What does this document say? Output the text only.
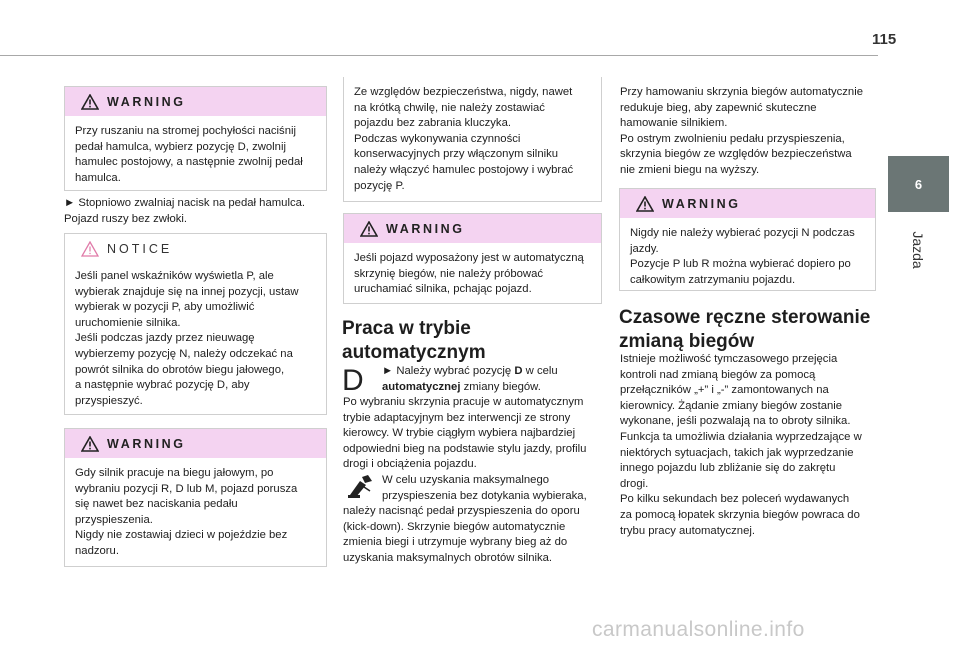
115
6
Jazda
WARNING

Przy ruszaniu na stromej pochyłości naciśnij

pedał hamulca, wybierz pozycję D, zwolnij

hamulec postojowy, a następnie zwolnij pedał

hamulca.

► Stopniowo zwalniaj nacisk na pedał hamulca.

Pojazd ruszy bez zwłoki.

NOTICE

Jeśli panel wskaźników wyświetla P, ale

wybierak znajduje się na innej pozycji, ustaw

wybierak w pozycji P, aby umożliwić

uruchomienie silnika.

Jeśli podczas jazdy przez nieuwagę

wybierzemy pozycję N, należy odczekać na

powrót silnika do obrotów biegu jałowego,

a następnie wybrać pozycję D, aby

przyspieszyć.

WARNING

Gdy silnik pracuje na biegu jałowym, po

wybraniu pozycji R, D lub M, pojazd porusza

się nawet bez naciskania pedału

przyspieszenia.

Nigdy nie zostawiaj dzieci w pojeździe bez

nadzoru.

Ze względów bezpieczeństwa, nigdy, nawet

na krótką chwilę, nie należy zostawiać

pojazdu bez zabrania kluczyka.

Podczas wykonywania czynności

konserwacyjnych przy włączonym silniku

należy włączyć hamulec postojowy i wybrać

pozycję P.

WARNING

Jeśli pojazd wyposażony jest w automatyczną

skrzynię biegów, nie należy próbować

uruchamiać silnika, pchając pojazd.

Praca w trybie

automatycznym

D ► Należy wybrać pozycję D w celu

automatycznej zmiany biegów.

Po wybraniu skrzynia pracuje w automatycznym

trybie adaptacyjnym bez interwencji ze strony

kierowcy. W trybie ciągłym wybiera najbardziej

odpowiedni bieg na podstawie stylu jazdy, profilu

drogi i obciążenia pojazdu.

W celu uzyskania maksymalnego

przyspieszenia bez dotykania wybieraka,

należy nacisnąć pedał przyspieszenia do oporu

(kick-down). Skrzynie biegów automatycznie

zmienia biegi i utrzymuje wybrany bieg aż do

uzyskania maksymalnych obrotów silnika.

Przy hamowaniu skrzynia biegów automatycznie

redukuje bieg, aby zapewnić skuteczne

hamowanie silnikiem.

Po ostrym zwolnieniu pedału przyspieszenia,

skrzynia biegów ze względów bezpieczeństwa

nie zmieni biegu na wyższy.

WARNING

Nigdy nie należy wybierać pozycji N podczas

jazdy.

Pozycje P lub R można wybierać dopiero po

całkowitym zatrzymaniu pojazdu.

Czasowe ręczne sterowanie

zmianą biegów

Istnieje możliwość tymczasowego przejęcia

kontroli nad zmianą biegów za pomocą

przełączników „+” i „-” zamontowanych na

kierownicy. Żądanie zmiany biegów zostanie

wykonane, jeśli pozwalają na to obroty silnika.

Funkcja ta umożliwia działania wyprzedzające w

niektórych sytuacjach, takich jak wyprzedzanie

innego pojazdu lub zbliżanie się do zakrętu

drogi.

Po kilku sekundach bez poleceń wydawanych

za pomocą łopatek skrzynia biegów powraca do

trybu pracy automatycznej.

carmanualsonline.info
